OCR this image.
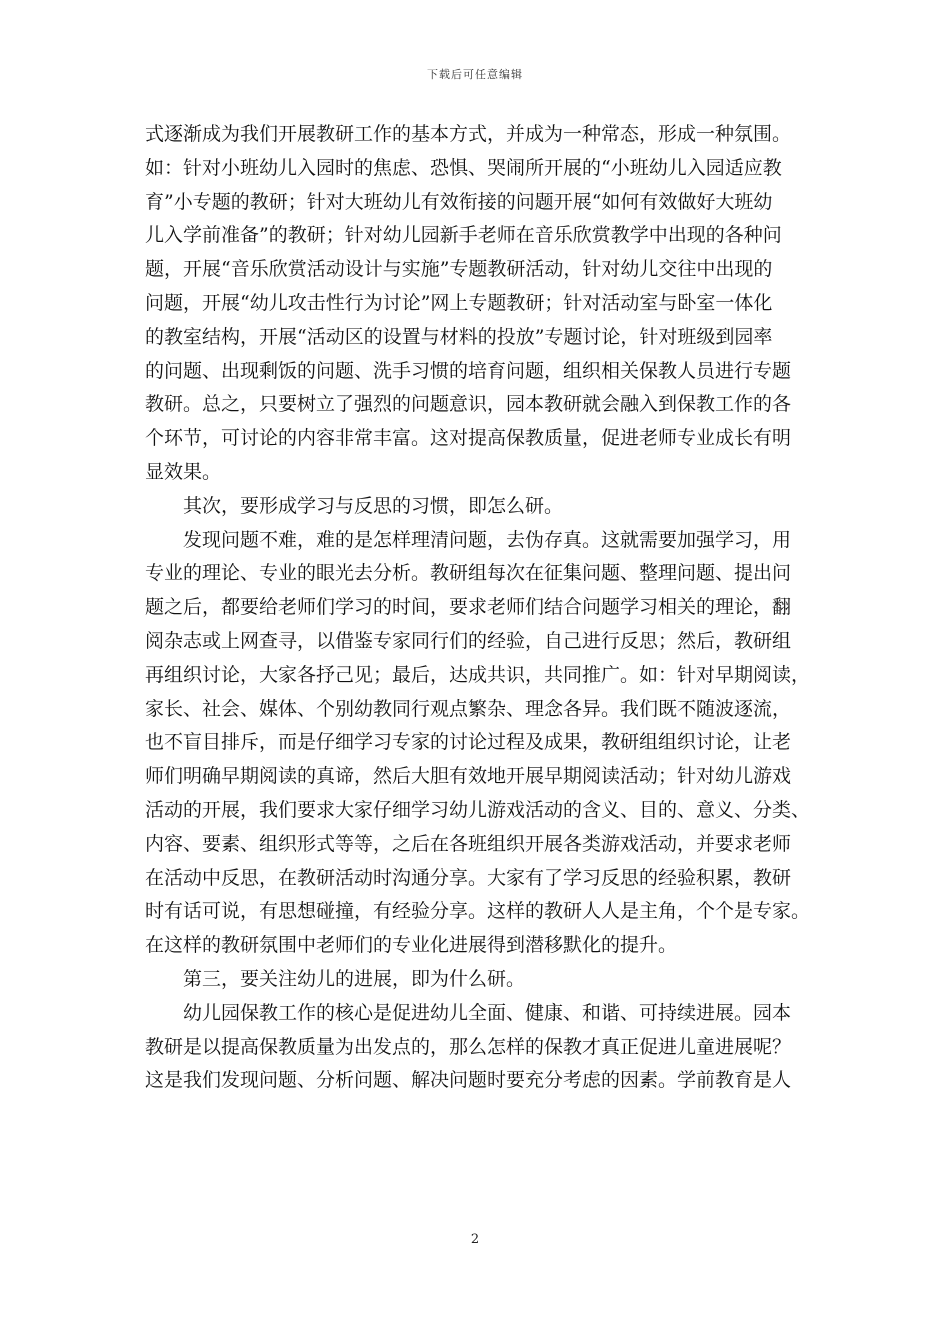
下载后可任意编辑
式逐渐成为我们开展教研工作的基本方式，并成为一种常态，形成一种氛围。
如：针对小班幼儿入园时的焦虑、恐惧、哭闹所开展的“小班幼儿入园适应教
育”小专题的教研；针对大班幼儿有效衔接的问题开展“如何有效做好大班幼
儿入学前准备”的教研；针对幼儿园新手老师在音乐欣赏教学中出现的各种问
题，开展“音乐欣赏活动设计与实施”专题教研活动，针对幼儿交往中出现的
问题，开展“幼儿攻击性行为讨论”网上专题教研；针对活动室与卧室一体化
的教室结构，开展“活动区的设置与材料的投放”专题讨论，针对班级到园率
的问题、出现剩饭的问题、洗手习惯的培育问题，组织相关保教人员进行专题
教研。总之，只要树立了强烈的问题意识，园本教研就会融入到保教工作的各
个环节，可讨论的内容非常丰富。这对提高保教质量，促进老师专业成长有明
显效果。
其次，要形成学习与反思的习惯，即怎么研。
发现问题不难，难的是怎样理清问题，去伪存真。这就需要加强学习，用
专业的理论、专业的眼光去分析。教研组每次在征集问题、整理问题、提出问
题之后，都要给老师们学习的时间，要求老师们结合问题学习相关的理论，翻
阅杂志或上网查寻，以借鉴专家同行们的经验，自己进行反思；然后，教研组
再组织讨论，大家各抒己见；最后，达成共识，共同推广。如：针对早期阅读，
家长、社会、媒体、个别幼教同行观点繁杂、理念各异。我们既不随波逐流，
也不盲目排斥，而是仔细学习专家的讨论过程及成果，教研组组织讨论，让老
师们明确早期阅读的真谛，然后大胆有效地开展早期阅读活动；针对幼儿游戏
活动的开展，我们要求大家仔细学习幼儿游戏活动的含义、目的、意义、分类、
内容、要素、组织形式等等，之后在各班组织开展各类游戏活动，并要求老师
在活动中反思，在教研活动时沟通分享。大家有了学习反思的经验积累，教研
时有话可说，有思想碰撞，有经验分享。这样的教研人人是主角，个个是专家。
在这样的教研氛围中老师们的专业化进展得到潜移默化的提升。
第三，要关注幼儿的进展，即为什么研。
幼儿园保教工作的核心是促进幼儿全面、健康、和谐、可持续进展。园本
教研是以提高保教质量为出发点的，那么怎样的保教才真正促进儿童进展呢？
这是我们发现问题、分析问题、解决问题时要充分考虑的因素。学前教育是人
2
